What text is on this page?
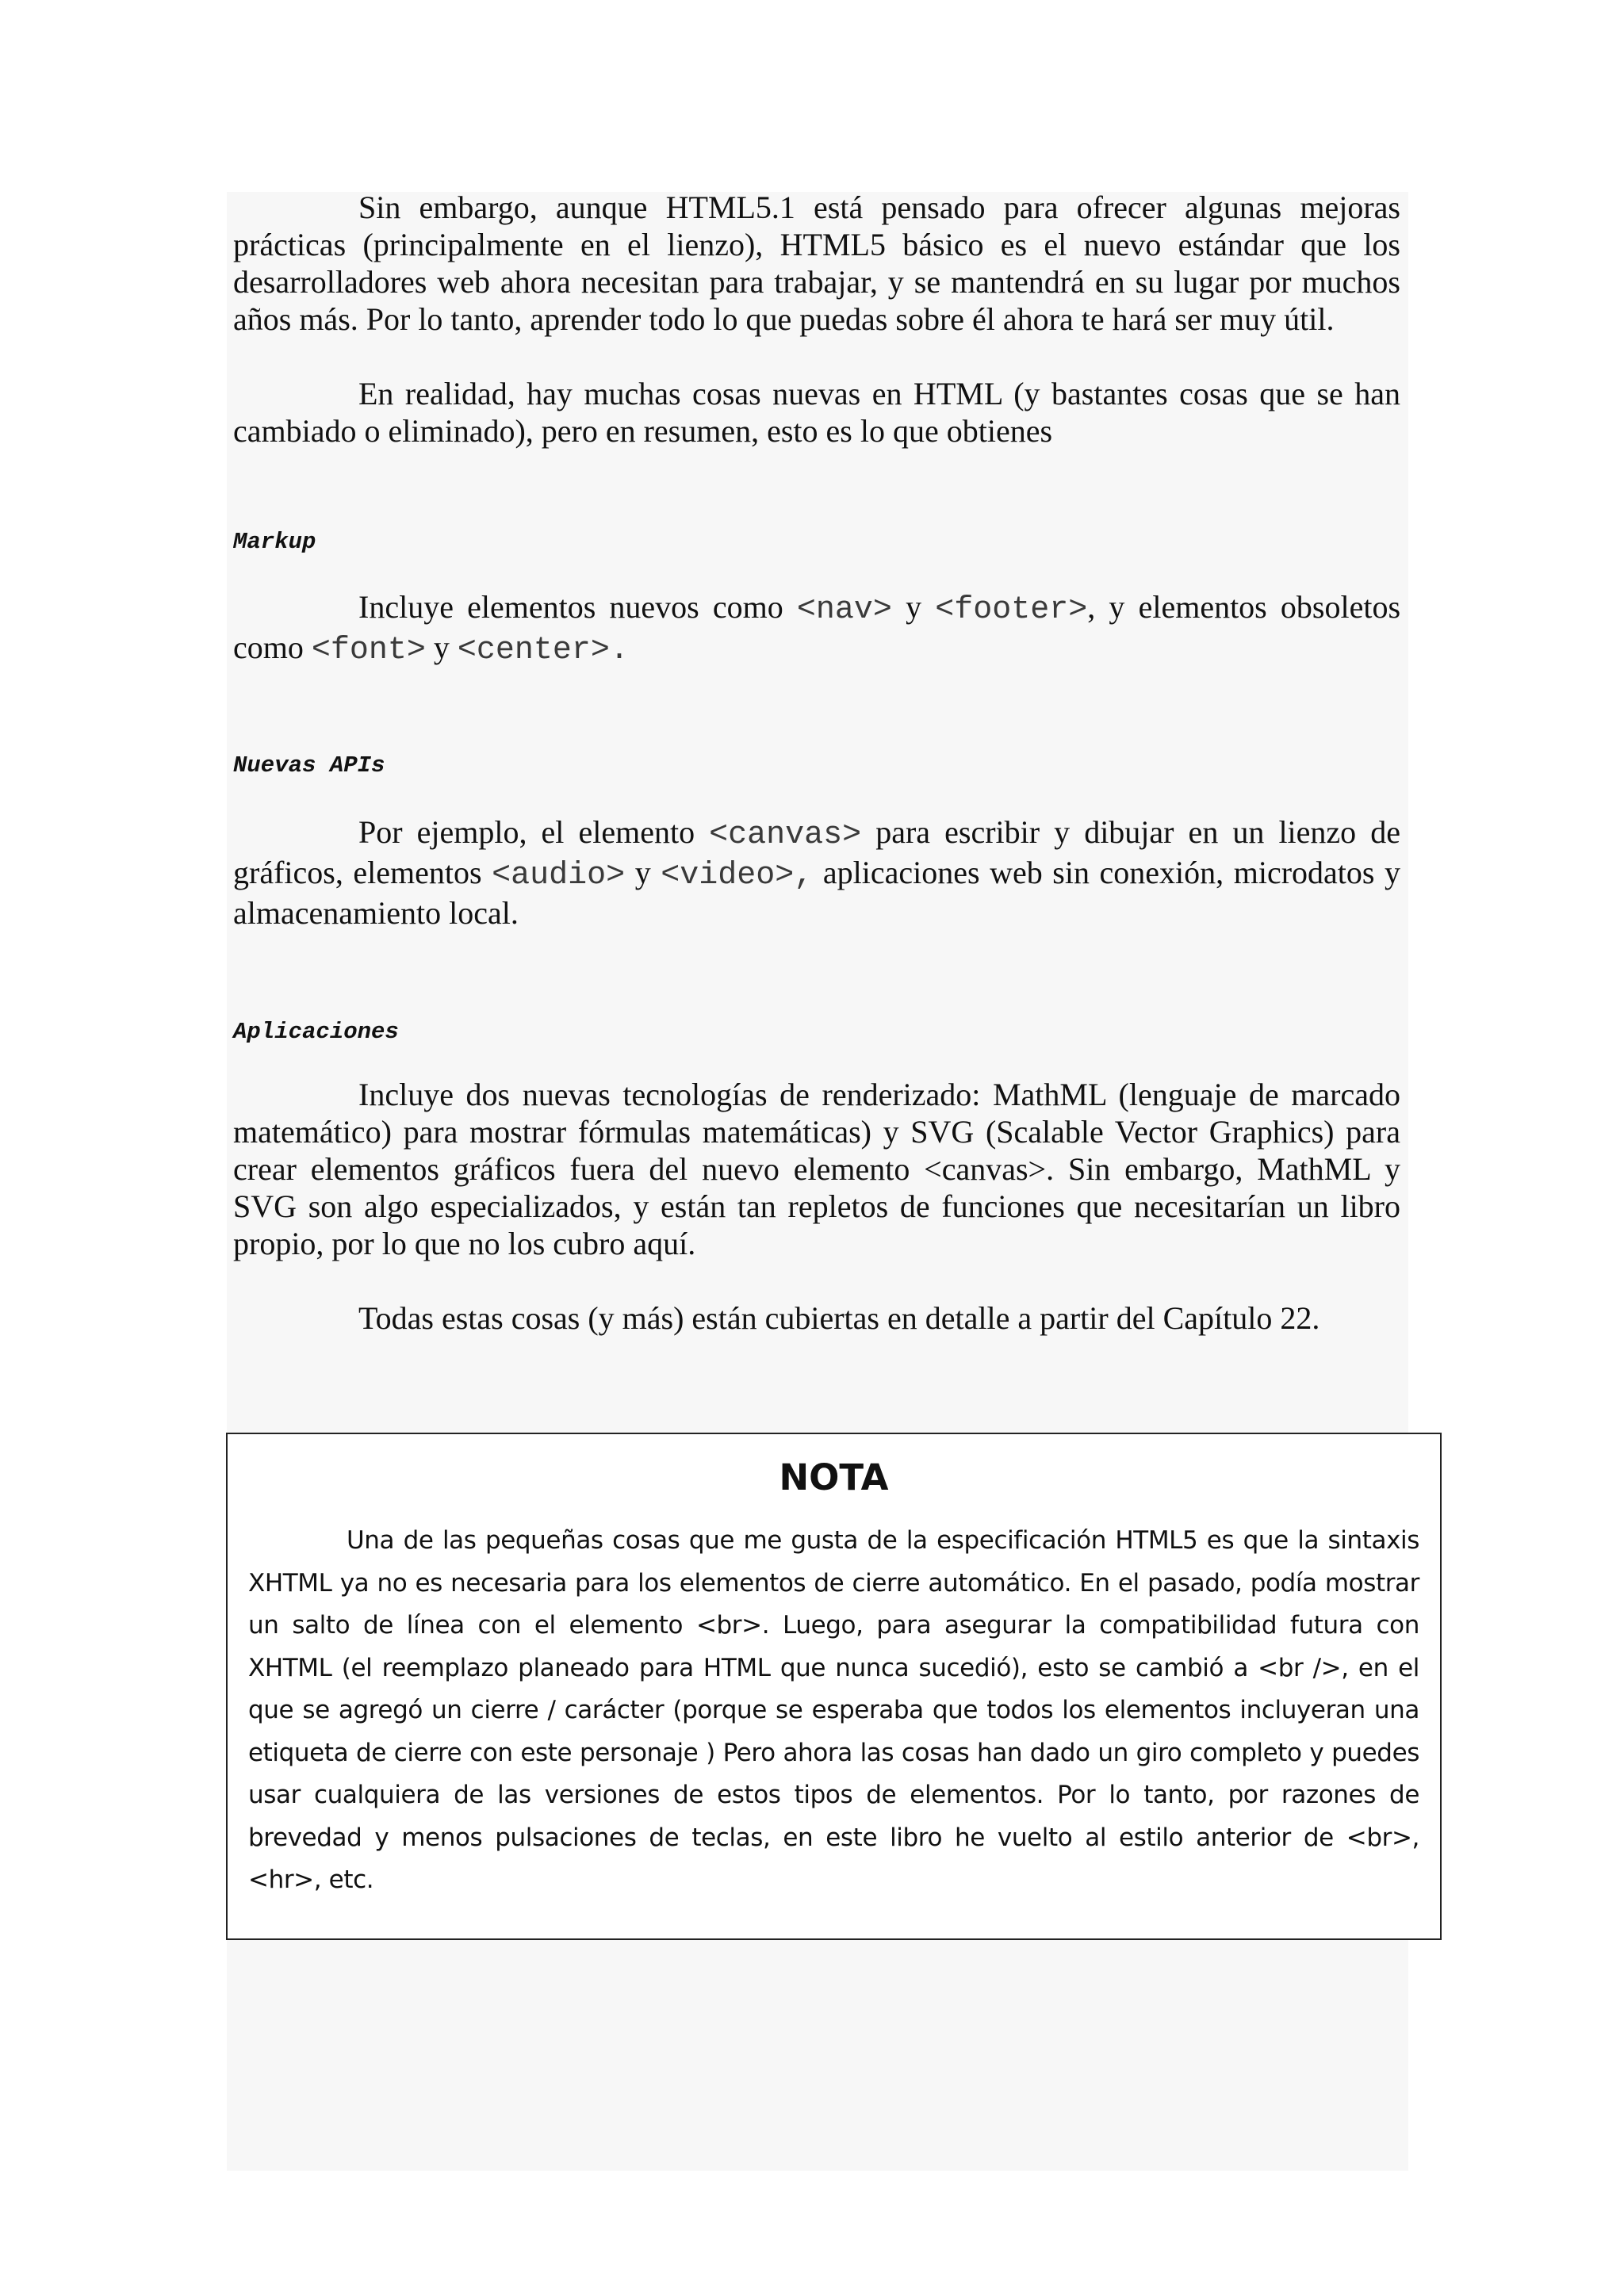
Sin embargo, aunque HTML5.1 está pensado para ofrecer algunas mejoras prácticas (principalmente en el lienzo), HTML5 básico es el nuevo estándar que los desarrolladores web ahora necesitan para trabajar, y se mantendrá en su lugar por muchos años más. Por lo tanto, aprender todo lo que puedas sobre él ahora te hará ser muy útil.

En realidad, hay muchas cosas nuevas en HTML (y bastantes cosas que se han cambiado o eliminado), pero en resumen, esto es lo que obtienes

Markup

Incluye elementos nuevos como <nav> y <footer>, y elementos obsoletos como <font> y <center>.

Nuevas APIs

Por ejemplo, el elemento <canvas> para escribir y dibujar en un lienzo de gráficos, elementos <audio> y <video>, aplicaciones web sin conexión, microdatos y almacenamiento local.

Aplicaciones

Incluye dos nuevas tecnologías de renderizado: MathML (lenguaje de marcado matemático) para mostrar fórmulas matemáticas) y SVG (Scalable Vector Graphics) para crear elementos gráficos fuera del nuevo elemento <canvas>. Sin embargo, MathML y SVG son algo especializados, y están tan repletos de funciones que necesitarían un libro propio, por lo que no los cubro aquí.

Todas estas cosas (y más) están cubiertas en detalle a partir del Capítulo 22.

NOTA

Una de las pequeñas cosas que me gusta de la especificación HTML5 es que la sintaxis XHTML ya no es necesaria para los elementos de cierre automático. En el pasado, podía mostrar un salto de línea con el elemento <br>. Luego, para asegurar la compatibilidad futura con XHTML (el reemplazo planeado para HTML que nunca sucedió), esto se cambió a <br />, en el que se agregó un cierre / carácter (porque se esperaba que todos los elementos incluyeran una etiqueta de cierre con este personaje ) Pero ahora las cosas han dado un giro completo y puedes usar cualquiera de las versiones de estos tipos de elementos. Por lo tanto, por razones de brevedad y menos pulsaciones de teclas, en este libro he vuelto al estilo anterior de <br>, <hr>, etc.
